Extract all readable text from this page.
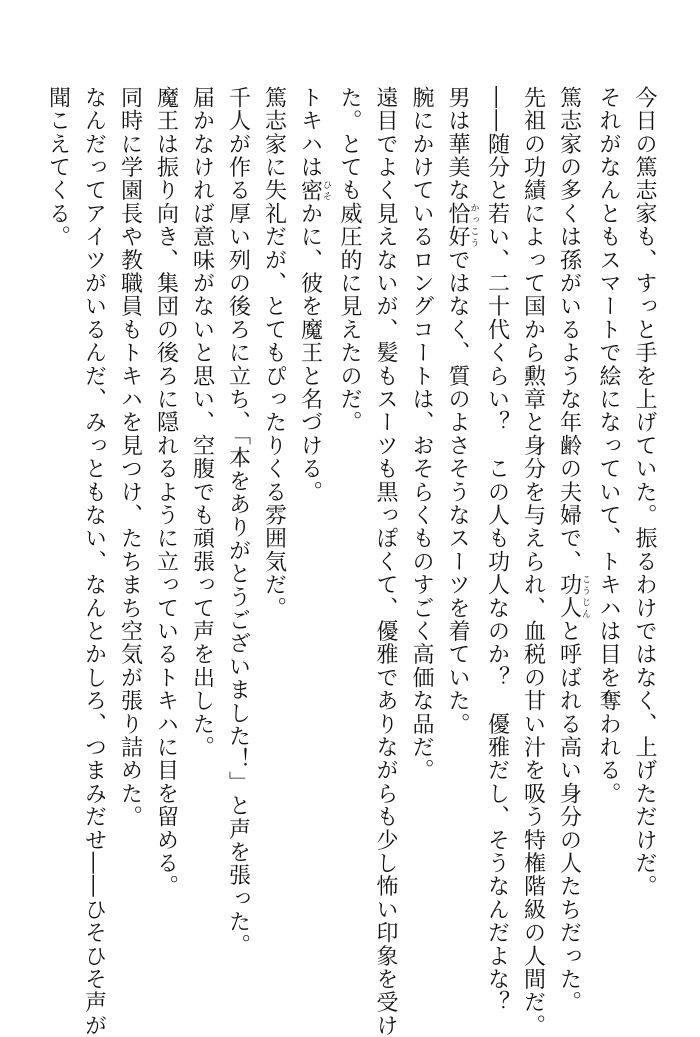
今日の篤志家も、すっと手を上げていた。振るわけではなく、上げただけだ。

それがなんともスマートで絵になっていて、トキハは目を奪われる。

篤志家の多くは孫がいるような年齢の夫婦で、功人こうじんと呼ばれる高い身分の人たちだった。

先祖の功績によって国から勲章と身分を与えられ、血税の甘い汁を吸う特権階級の人間だ。

――随分と若い、二十代くらい？　この人も功人なのか？　優雅だし、そうなんだよな？

男は華美な恰好かっこうではなく、質のよさそうなスーツを着ていた。

腕にかけているロングコートは、おそらくものすごく高価な品だ。

遠目でよく見えないが、髪もスーツも黒っぽくて、優雅でありながらも少し怖い印象を受け

た。とても威圧的に見えたのだ。

トキハは密ひそかに、彼を魔王と名づける。

篤志家に失礼だが、とてもぴったりくる雰囲気だ。

千人が作る厚い列の後ろに立ち、「本をありがとうございました！」と声を張った。

届かなければ意味がないと思い、空腹でも頑張って声を出した。

魔王は振り向き、集団の後ろに隠れるように立っているトキハに目を留める。

同時に学園長や教職員もトキハを見つけ、たちまち空気が張り詰めた。

なんだってアイツがいるんだ、みっともない、なんとかしろ、つまみだせ――ひそひそ声が

聞こえてくる。
